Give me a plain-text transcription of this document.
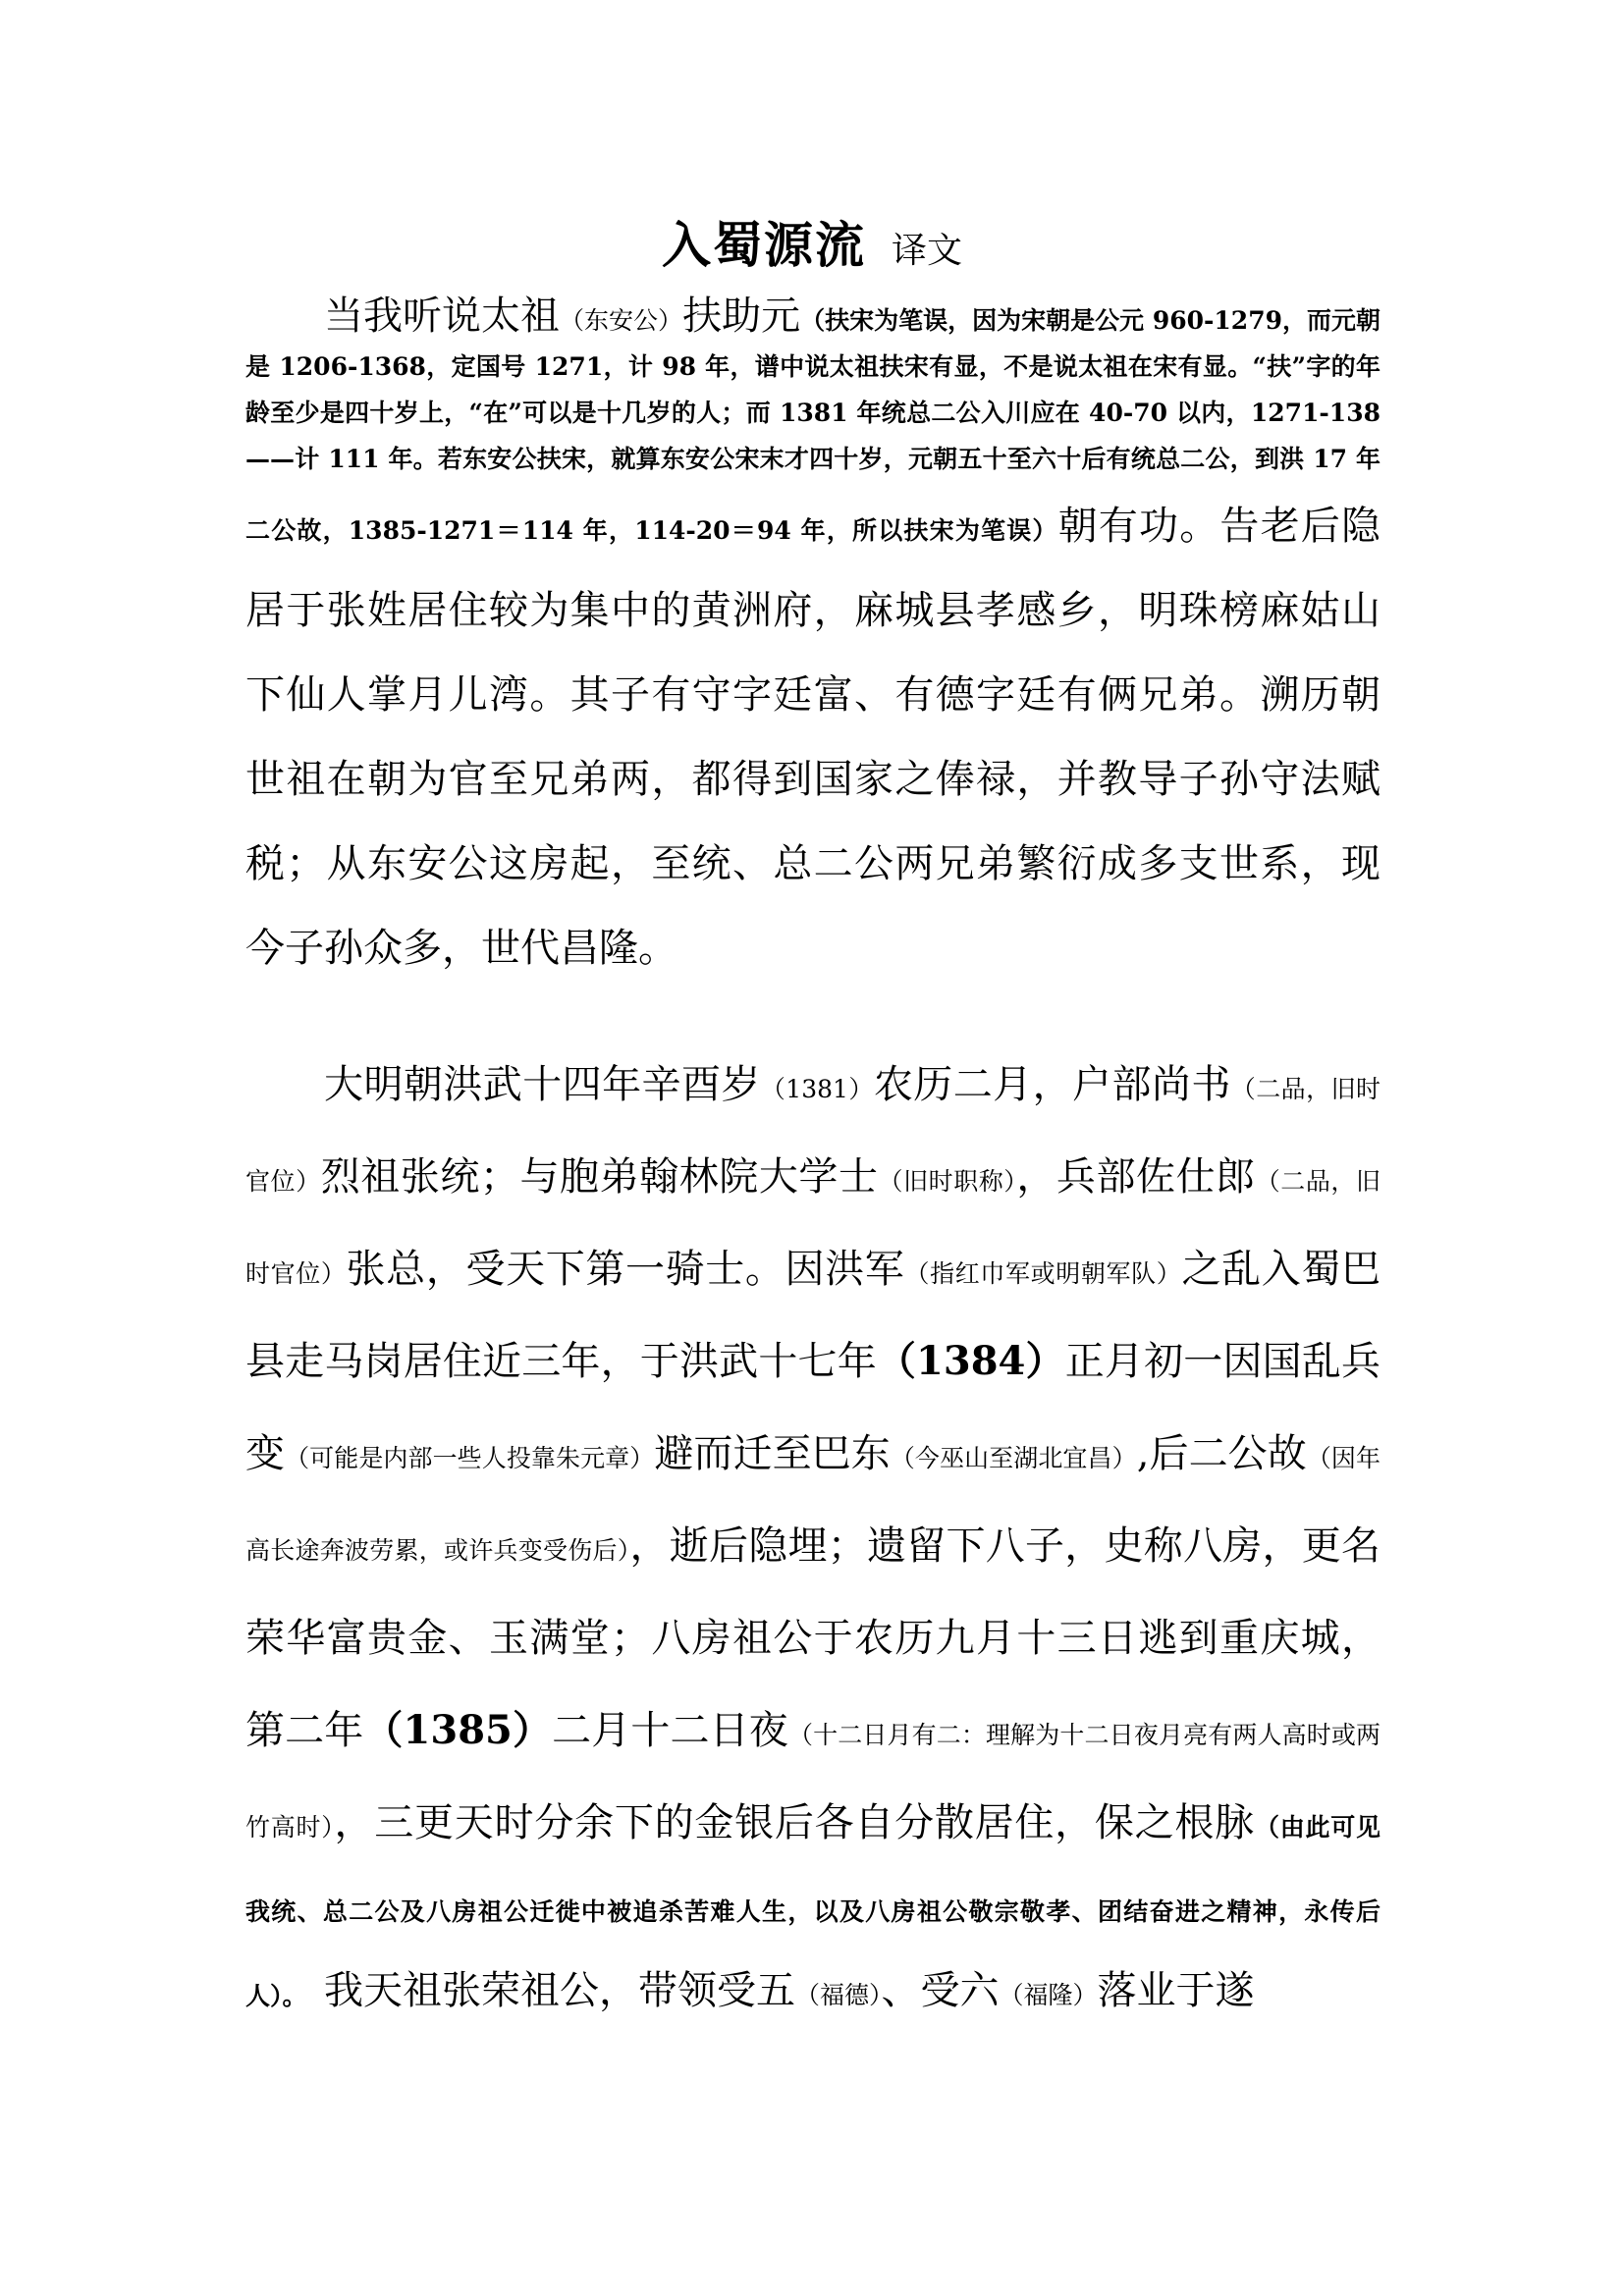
入蜀源流 译文

当我听说太祖（东安公）扶助元（扶宋为笔误，因为宋朝是公元 960-1279，而元朝是 1206-1368，定国号 1271，计 98 年，谱中说太祖扶宋有显，不是说太祖在宋有显。“扶”字的年龄至少是四十岁上，“在”可以是十几岁的人；而 1381 年统总二公入川应在 40-70 以内，1271-138——计 111 年。若东安公扶宋，就算东安公宋末才四十岁，元朝五十至六十后有统总二公，到洪 17 年二公故，1385-1271＝114 年，114-20＝94 年，所以扶宋为笔误）朝有功。告老后隐居于张姓居住较为集中的黄洲府，麻城县孝感乡，明珠榜麻姑山下仙人掌月儿湾。其子有守字廷富、有德字廷有俩兄弟。溯历朝世祖在朝为官至兄弟两，都得到国家之俸禄，并教导子孙守法赋税；从东安公这房起，至统、总二公两兄弟繁衍成多支世系，现今子孙众多，世代昌隆。

大明朝洪武十四年辛酉岁（1381）农历二月，户部尚书（二品，旧时官位）烈祖张统；与胞弟翰林院大学士（旧时职称），兵部佐仕郎（二品，旧时官位）张总，受天下第一骑士。因洪军（指红巾军或明朝军队）之乱入蜀巴县走马岗居住近三年，于洪武十七年（1384）正月初一因国乱兵变（可能是内部一些人投靠朱元章）避而迁至巴东（今巫山至湖北宜昌）,后二公故（因年高长途奔波劳累，或许兵变受伤后），逝后隐埋；遗留下八子，史称八房，更名荣华富贵金、玉满堂；八房祖公于农历九月十三日逃到重庆城，第二年（1385）二月十二日夜（十二日月有二：理解为十二日夜月亮有两人高时或两竹高时），三更天时分余下的金银后各自分散居住，保之根脉（由此可见我统、总二公及八房祖公迁徙中被追杀苦难人生，以及八房祖公敬宗敬孝、团结奋进之精神，永传后人）。 我天祖张荣祖公，带领受五（福德）、受六（福隆）落业于遂
